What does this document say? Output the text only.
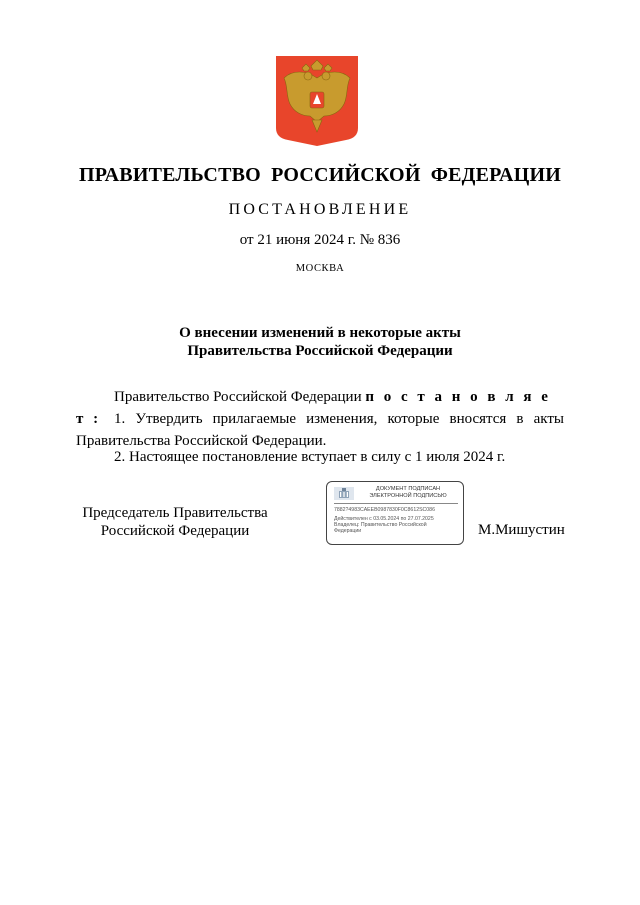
ПРАВИТЕЛЬСТВО РОССИЙСКОЙ ФЕДЕРАЦИИ
ПОСТАНОВЛЕНИЕ
от 21 июня 2024 г. № 836
МОСКВА
О внесении изменений в некоторые акты
Правительства Российской Федерации
Правительство Российской Федерации п о с т а н о в л я е т : 1. Утвердить прилагаемые изменения, которые вносятся в акты
Правительства Российской Федерации.
2. Настоящее постановление вступает в силу с 1 июля 2024 г.
Председатель Правительства
Российской Федерации
ДОКУМЕНТ ПОДПИСАН
ЭЛЕКТРОННОЙ ПОДПИСЬЮ
7882?4983CAEEB0987830F0C8612SC086
Действителен с 03.05.2024 по 27.07.2025
Владелец: Правительство Российской
Федерации	М.Мишустин
